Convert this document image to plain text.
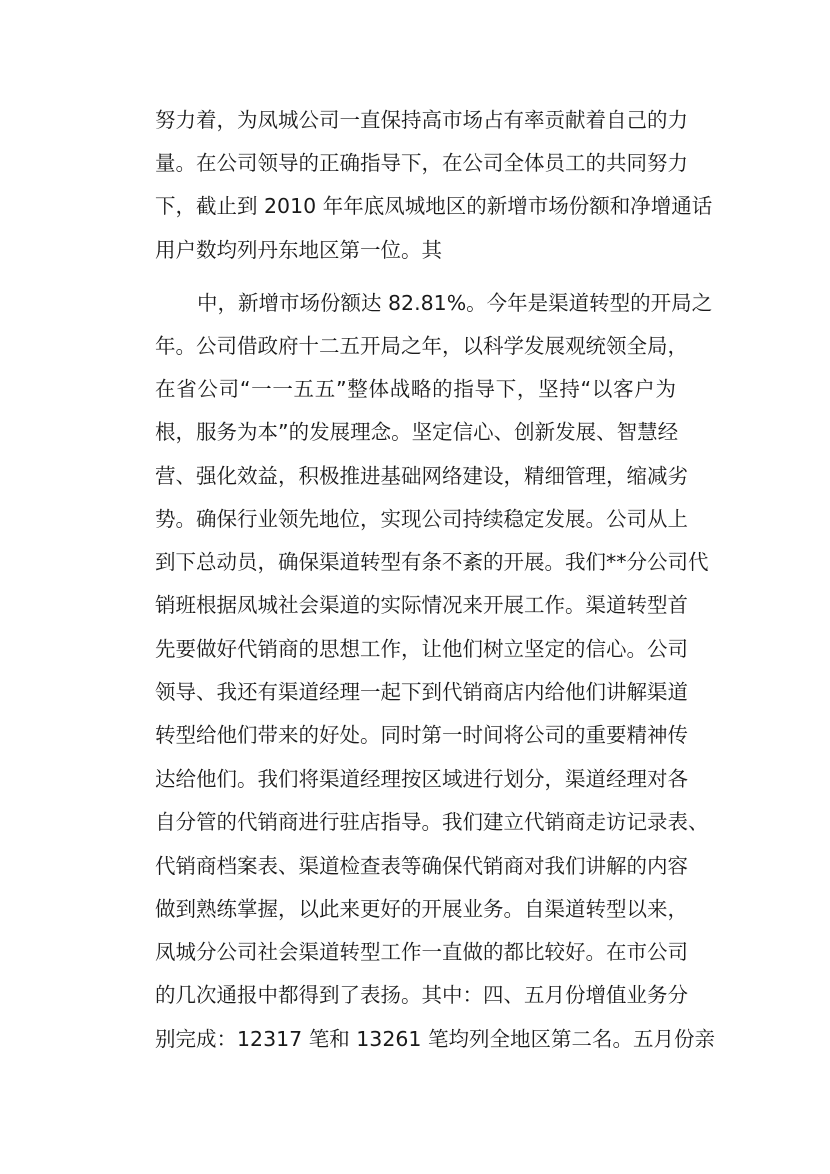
努力着，为凤城公司一直保持高市场占有率贡献着自己的力
量。在公司领导的正确指导下，在公司全体员工的共同努力
下，截止到 2010 年年底凤城地区的新增市场份额和净增通话
用户数均列丹东地区第一位。其
中，新增市场份额达 82.81%。今年是渠道转型的开局之
年。公司借政府十二五开局之年，以科学发展观统领全局，
在省公司“一一五五”整体战略的指导下，坚持“以客户为
根，服务为本”的发展理念。坚定信心、创新发展、智慧经
营、强化效益，积极推进基础网络建设，精细管理，缩减劣
势。确保行业领先地位，实现公司持续稳定发展。公司从上
到下总动员，确保渠道转型有条不紊的开展。我们**分公司代
销班根据凤城社会渠道的实际情况来开展工作。渠道转型首
先要做好代销商的思想工作，让他们树立坚定的信心。公司
领导、我还有渠道经理一起下到代销商店内给他们讲解渠道
转型给他们带来的好处。同时第一时间将公司的重要精神传
达给他们。我们将渠道经理按区域进行划分，渠道经理对各
自分管的代销商进行驻店指导。我们建立代销商走访记录表、
代销商档案表、渠道检查表等确保代销商对我们讲解的内容
做到熟练掌握，以此来更好的开展业务。自渠道转型以来，
凤城分公司社会渠道转型工作一直做的都比较好。在市公司
的几次通报中都得到了表扬。其中：四、五月份增值业务分
别完成：12317 笔和 13261 笔均列全地区第二名。五月份亲
